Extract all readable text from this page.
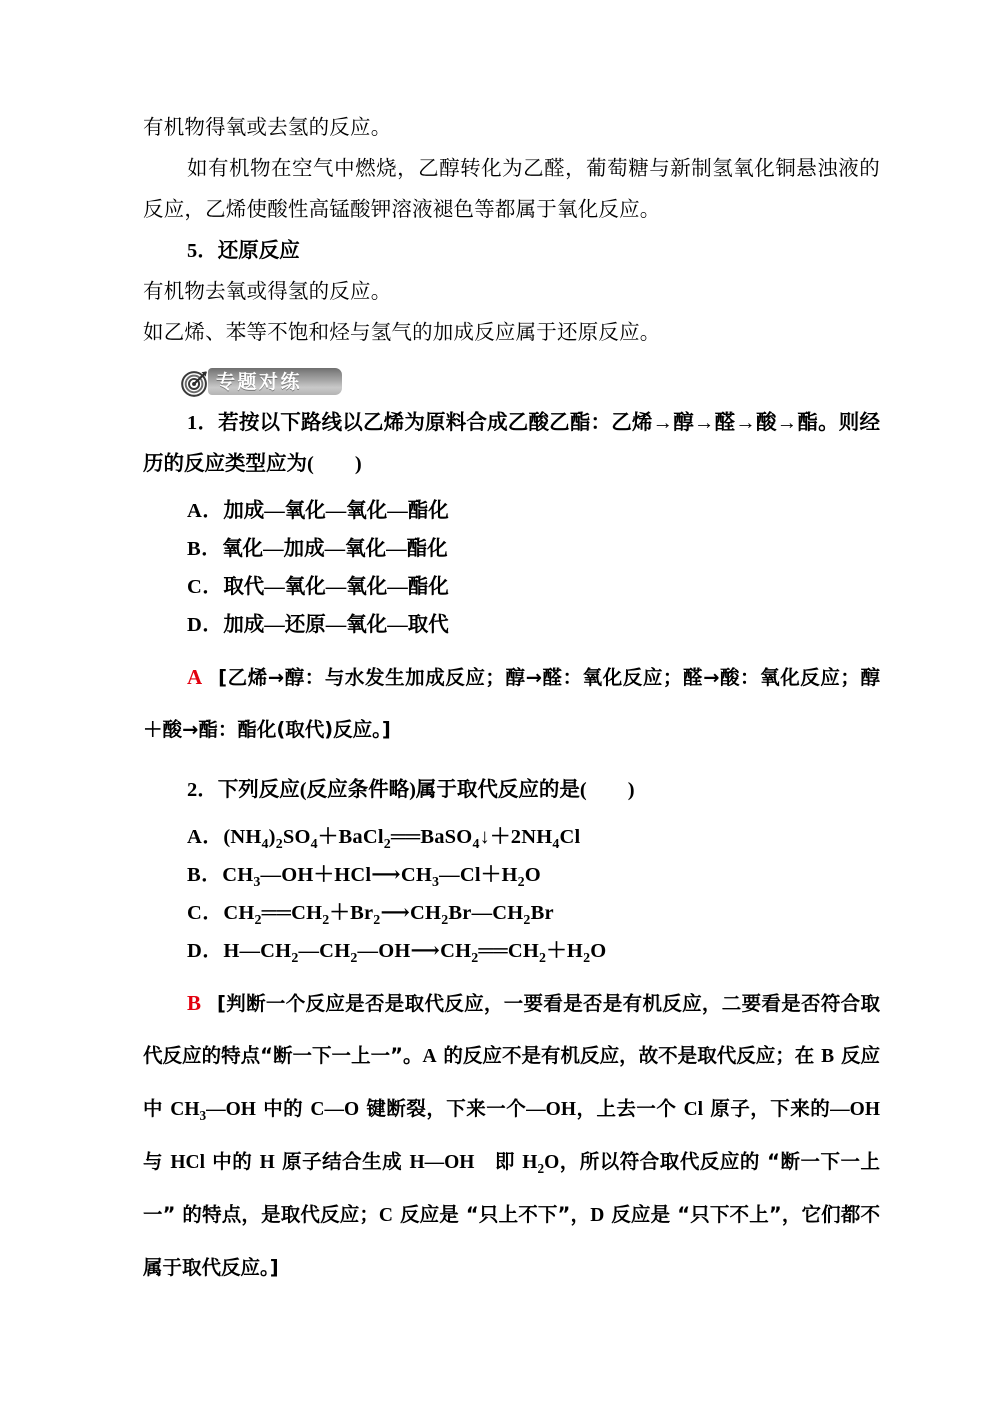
有机物得氧或去氢的反应。

如有机物在空气中燃烧，乙醇转化为乙醛，葡萄糖与新制氢氧化铜悬浊液的反应，乙烯使酸性高锰酸钾溶液褪色等都属于氧化反应。

5．还原反应

有机物去氧或得氢的反应。

如乙烯、苯等不饱和烃与氢气的加成反应属于还原反应。

专题对练

1．若按以下路线以乙烯为原料合成乙酸乙酯：乙烯→醇→醛→酸→酯。则经历的反应类型应为(　　)

A．加成—氧化—氧化—酯化

B．氧化—加成—氧化—酯化

C．取代—氧化—氧化—酯化

D．加成—还原—氧化—取代

A [乙烯→醇：与水发生加成反应；醇→醛：氧化反应；醛→酸：氧化反应；醇＋酸→酯：酯化(取代)反应。]

2．下列反应(反应条件略)属于取代反应的是(　　)

A．$(NH_4)_2SO_4+BaCl_2══BaSO_4↓+2NH_4Cl$

B．$CH_3—OH+HCl⟶CH_3—Cl+H_2O$

C．$CH_2══CH_2+Br_2⟶CH_2Br—CH_2Br$

D．$H—CH_2—CH_2—OH⟶CH_2══CH_2+H_2O$

B [判断一个反应是否是取代反应，一要看是否是有机反应，二要看是否符合取代反应的特点“断一下一上一”。A 的反应不是有机反应，故不是取代反应；在 B 反应中 $CH_3—OH$ 中的 C—O 键断裂，下来一个—OH，上去一个 Cl 原子，下来的—OH 与 HCl 中的 H 原子结合生成 H—OH　即 $H_2O$，所以符合取代反应的 “断一下一上一” 的特点，是取代反应；C 反应是 “只上不下”，D 反应是 “只下不上”，它们都不属于取代反应。]
